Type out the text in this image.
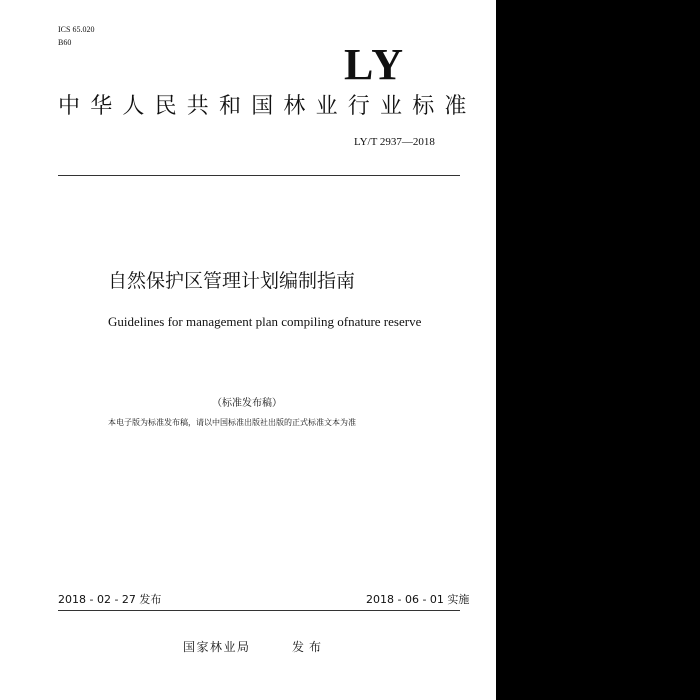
ICS 65.020
B60	LY
中华人民共和国林业行业标准
LY/T 2937—2018
自然保护区管理计划编制指南
Guidelines for management plan compiling ofnature reserve
（标准发布稿）
本电子版为标准发布稿，请以中国标准出版社出版的正式标准文本为准
2018 - 02 - 27 发布	2018 - 06 - 01 实施
国家林业局	发布
